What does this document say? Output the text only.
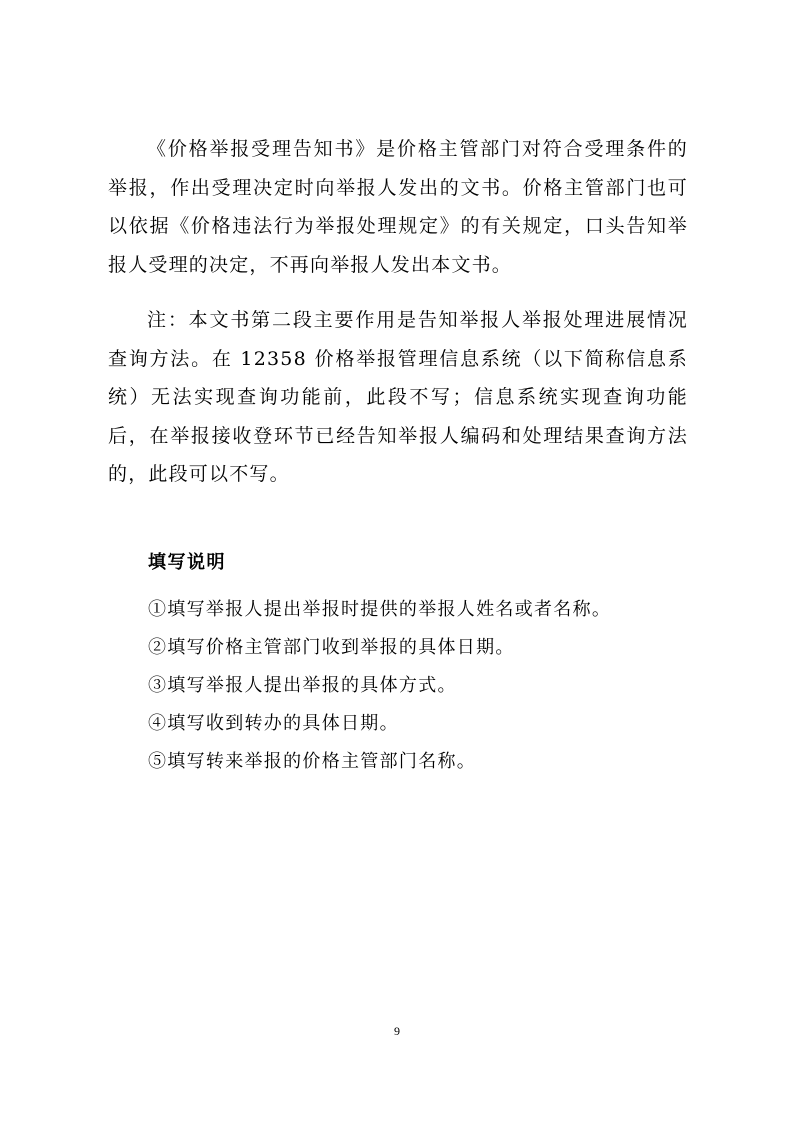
《价格举报受理告知书》是价格主管部门对符合受理条件的举报，作出受理决定时向举报人发出的文书。价格主管部门也可以依据《价格违法行为举报处理规定》的有关规定，口头告知举报人受理的决定，不再向举报人发出本文书。

注：本文书第二段主要作用是告知举报人举报处理进展情况查询方法。在 12358 价格举报管理信息系统（以下简称信息系统）无法实现查询功能前，此段不写；信息系统实现查询功能后，在举报接收登环节已经告知举报人编码和处理结果查询方法的，此段可以不写。

填写说明
①填写举报人提出举报时提供的举报人姓名或者名称。
②填写价格主管部门收到举报的具体日期。
③填写举报人提出举报的具体方式。
④填写收到转办的具体日期。
⑤填写转来举报的价格主管部门名称。
9
